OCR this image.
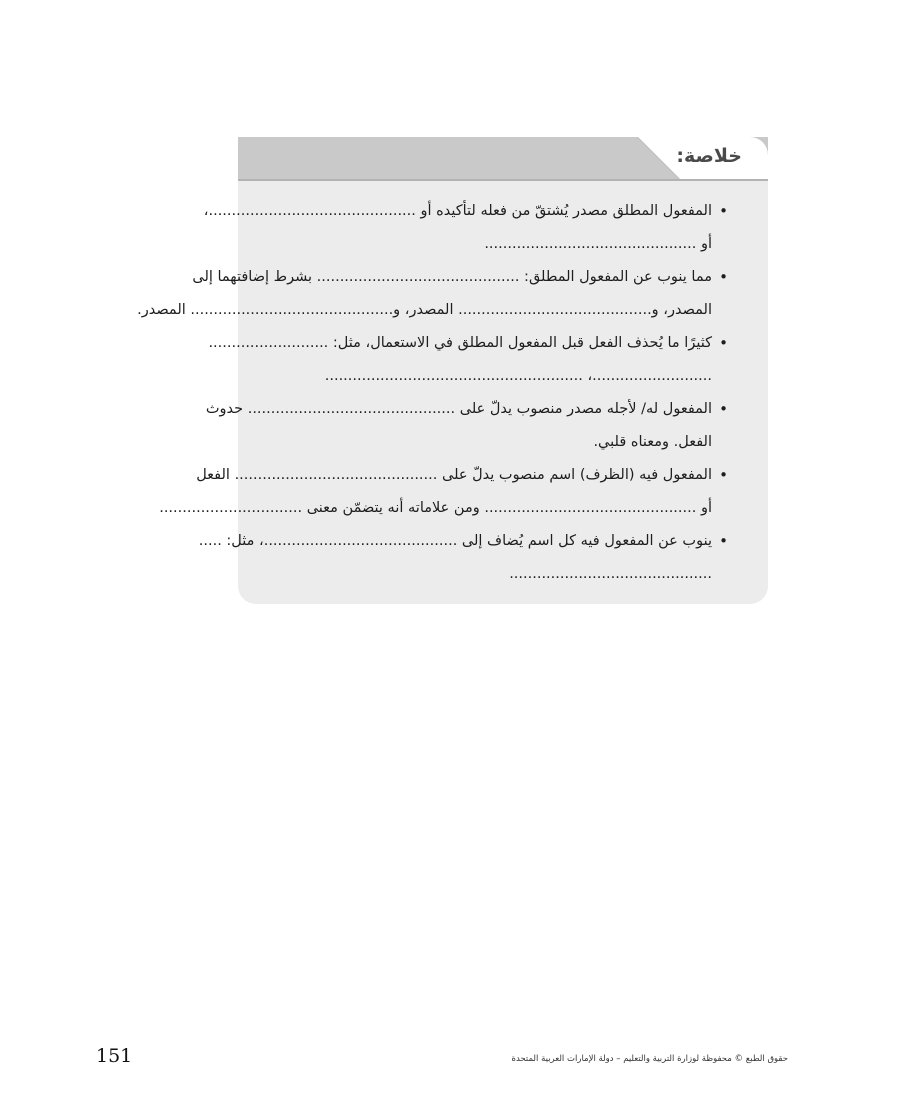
خلاصة:
• المفعول المطلق مصدر يُشتقّ من فعله لتأكيده أو .............................................،
أو ..............................................
• مما ينوب عن المفعول المطلق: ............................................ بشرط إضافتهما إلى
المصدر، و.......................................... المصدر، و............................................ المصدر.
• كثيرًا ما يُحذف الفعل قبل المفعول المطلق في الاستعمال، مثل: ..........................
..........................، ........................................................
• المفعول له/ لأجله مصدر منصوب يدلّ على ............................................. حدوث
الفعل. ومعناه قلبي.
• المفعول فيه (الظرف) اسم منصوب يدلّ على ............................................ الفعل
أو .............................................. ومن علاماته أنه يتضمّن معنى ...............................
• ينوب عن المفعول فيه كل اسم يُضاف إلى ..........................................، مثل: .....
............................................
حقوق الطبع © محفوظة لوزارة التربية والتعليم – دولة الإمارات العربية المتحدة
151
